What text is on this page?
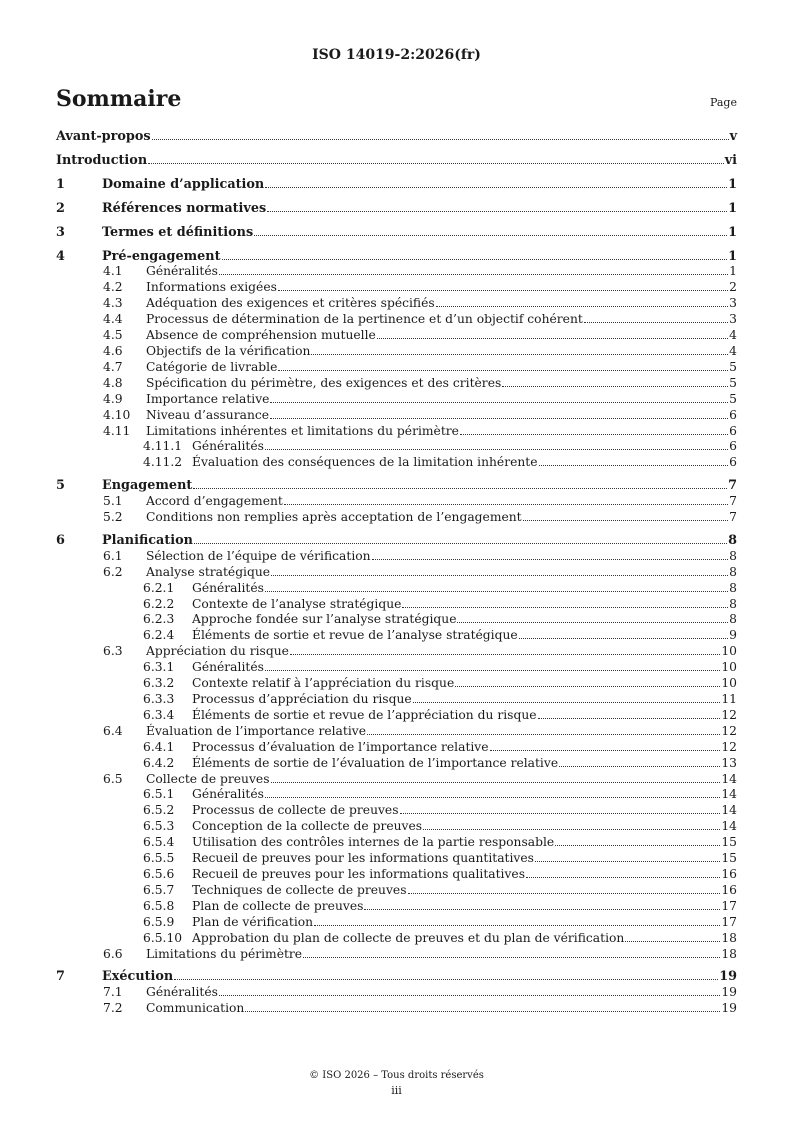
ISO 14019-2:2026(fr)
Sommaire	Page
Avant-propos	v
Introduction	vi
1	Domaine d’application	1
2	Références normatives	1
3	Termes et définitions	1
4	Pré-engagement	1
4.1	Généralités	1
4.2	Informations exigées	2
4.3	Adéquation des exigences et critères spécifiés	3
4.4	Processus de détermination de la pertinence et d’un objectif cohérent	3
4.5	Absence de compréhension mutuelle	4
4.6	Objectifs de la vérification	4
4.7	Catégorie de livrable	5
4.8	Spécification du périmètre, des exigences et des critères	5
4.9	Importance relative	5
4.10	Niveau d’assurance	6
4.11	Limitations inhérentes et limitations du périmètre	6
4.11.1 Généralités	6
4.11.2 Évaluation des conséquences de la limitation inhérente	6
5	Engagement	7
5.1	Accord d’engagement	7
5.2	Conditions non remplies après acceptation de l’engagement	7
6	Planification	8
6.1	Sélection de l’équipe de vérification	8
6.2	Analyse stratégique	8
6.2.1	Généralités	8
6.2.2	Contexte de l’analyse stratégique	8
6.2.3	Approche fondée sur l’analyse stratégique	8
6.2.4	Éléments de sortie et revue de l’analyse stratégique	9
6.3	Appréciation du risque	10
6.3.1	Généralités	10
6.3.2	Contexte relatif à l’appréciation du risque	10
6.3.3	Processus d’appréciation du risque	11
6.3.4	Éléments de sortie et revue de l’appréciation du risque	12
6.4	Évaluation de l’importance relative	12
6.4.1	Processus d’évaluation de l’importance relative	12
6.4.2	Éléments de sortie de l’évaluation de l’importance relative	13
6.5	Collecte de preuves	14
6.5.1	Généralités	14
6.5.2	Processus de collecte de preuves	14
6.5.3	Conception de la collecte de preuves	14
6.5.4	Utilisation des contrôles internes de la partie responsable	15
6.5.5	Recueil de preuves pour les informations quantitatives	15
6.5.6	Recueil de preuves pour les informations qualitatives	16
6.5.7	Techniques de collecte de preuves	16
6.5.8	Plan de collecte de preuves	17
6.5.9	Plan de vérification	17
6.5.10 Approbation du plan de collecte de preuves et du plan de vérification	18
6.6	Limitations du périmètre	18
7	Exécution	19
7.1	Généralités	19
7.2	Communication	19
© ISO 2026 – Tous droits réservés
iii
